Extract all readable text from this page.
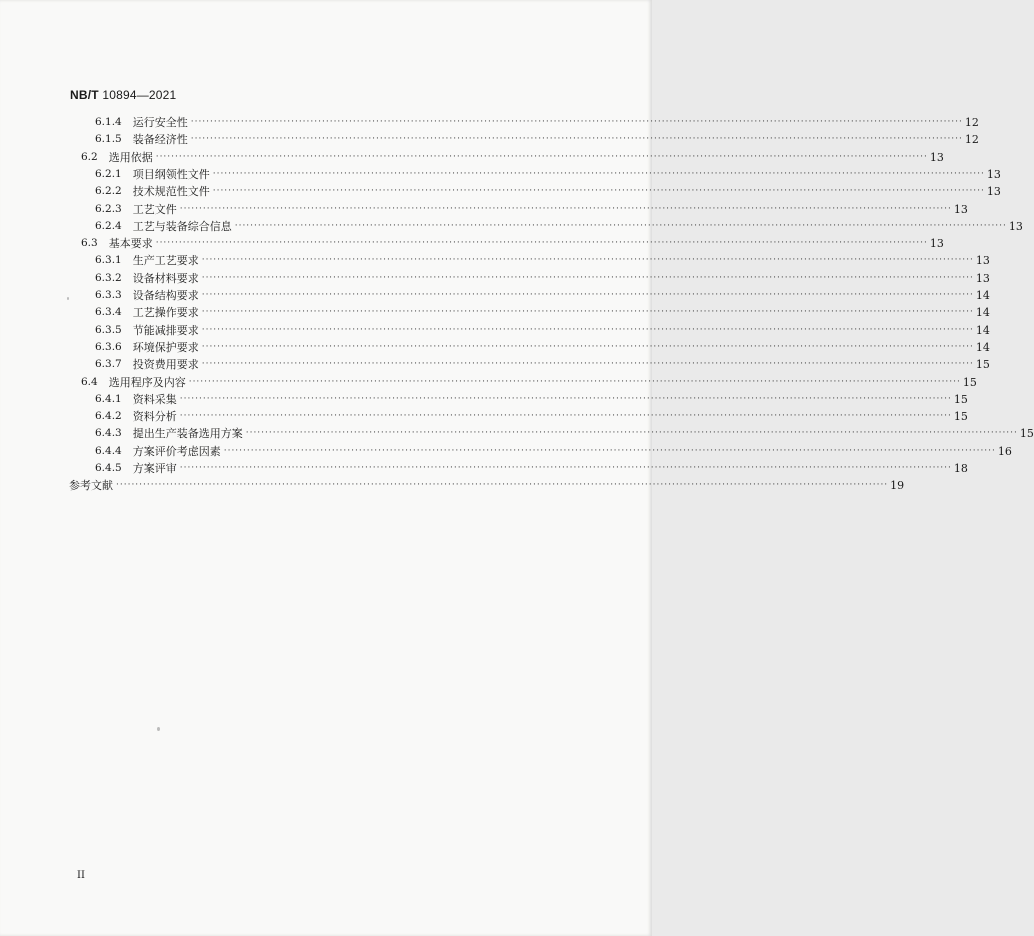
NB/T 10894—2021
6.1.4	运行安全性 ········································································································································································································ 12
6.1.5	装备经济性 ········································································································································································································ 12
6.2	选用依据 ········································································································································································································ 13
6.2.1	项目纲领性文件 ········································································································································································································ 13
6.2.2	技术规范性文件 ········································································································································································································ 13
6.2.3	工艺文件 ········································································································································································································ 13
6.2.4	工艺与装备综合信息 ········································································································································································································ 13
6.3	基本要求 ········································································································································································································ 13
6.3.1	生产工艺要求 ········································································································································································································ 13
6.3.2	设备材料要求 ········································································································································································································ 13
6.3.3	设备结构要求 ········································································································································································································ 14
6.3.4	工艺操作要求 ········································································································································································································ 14
6.3.5	节能减排要求 ········································································································································································································ 14
6.3.6	环境保护要求 ········································································································································································································ 14
6.3.7	投资费用要求 ········································································································································································································ 15
6.4	选用程序及内容 ········································································································································································································ 15
6.4.1	资料采集 ········································································································································································································ 15
6.4.2	资料分析 ········································································································································································································ 15
6.4.3	提出生产装备选用方案 ········································································································································································································ 15
6.4.4	方案评价考虑因素 ········································································································································································································ 16
6.4.5	方案评审 ········································································································································································································ 18
参考文献 ········································································································································································································ 19
II
